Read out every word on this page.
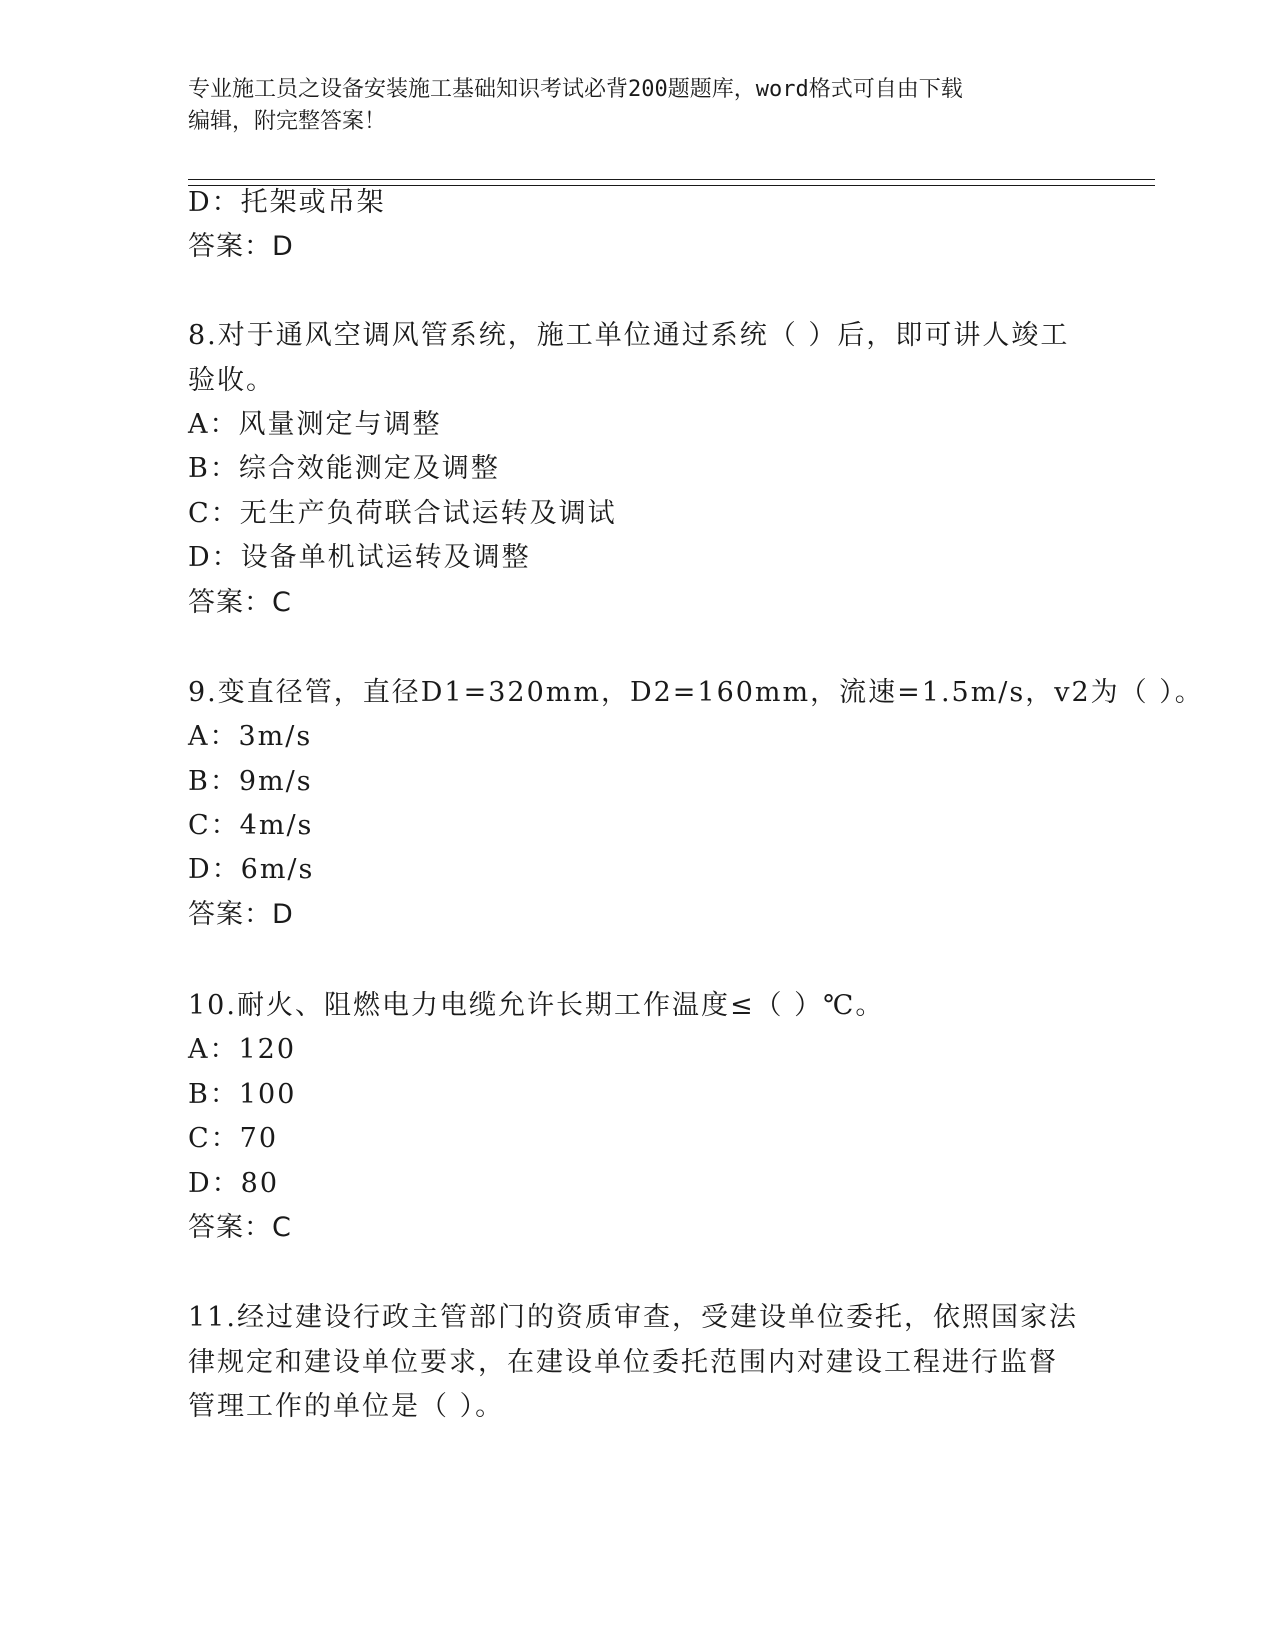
专业施工员之设备安装施工基础知识考试必背200题题库，word格式可自由下载
编辑，附完整答案！
D：托架或吊架
答案：D
8.对于通风空调风管系统，施工单位通过系统（ ）后，即可讲人竣工
验收。
A：风量测定与调整
B：综合效能测定及调整
C：无生产负荷联合试运转及调试
D：设备单机试运转及调整
答案：C
9.变直径管，直径D1=320mm，D2=160mm，流速=1.5m/s，v2为（ ）。
A：3m/s
B：9m/s
C：4m/s
D：6m/s
答案：D
10.耐火、阻燃电力电缆允许长期工作温度≤（ ）℃。
A：120
B：100
C：70
D：80
答案：C
11.经过建设行政主管部门的资质审查，受建设单位委托，依照国家法
律规定和建设单位要求，在建设单位委托范围内对建设工程进行监督
管理工作的单位是（ ）。
